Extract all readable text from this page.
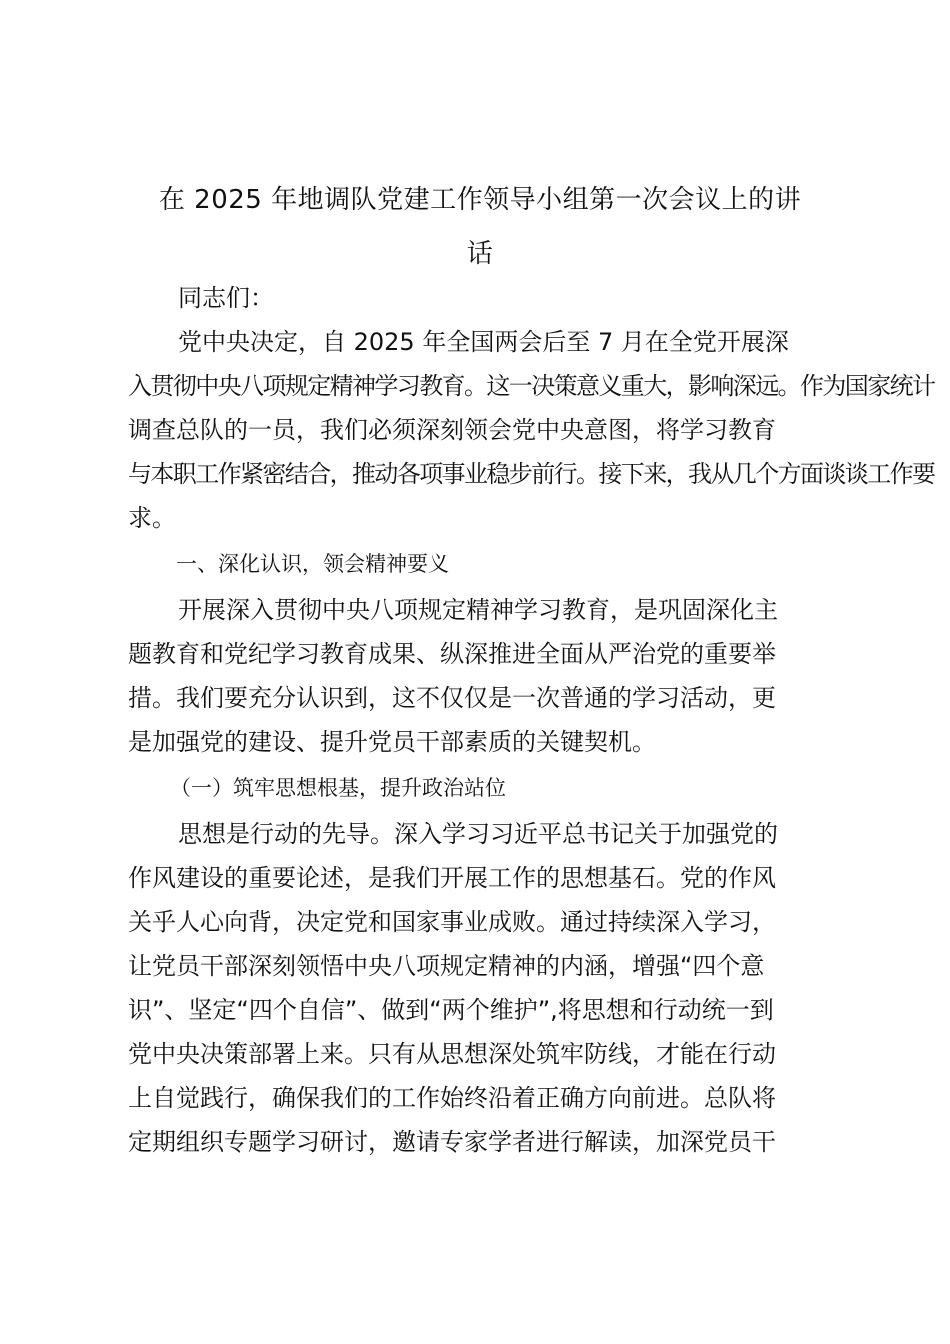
在 2025 年地调队党建工作领导小组第一次会议上的讲
话
同志们：
党中央决定，自 2025 年全国两会后至 7 月在全党开展深
入贯彻中央八项规定精神学习教育。这一决策意义重大，影响深远。作为国家统计
调查总队的一员，我们必须深刻领会党中央意图，将学习教育
与本职工作紧密结合，推动各项事业稳步前行。接下来，我从几个方面谈谈工作要
求。
一、深化认识，领会精神要义
开展深入贯彻中央八项规定精神学习教育，是巩固深化主
题教育和党纪学习教育成果、纵深推进全面从严治党的重要举
措。我们要充分认识到，这不仅仅是一次普通的学习活动，更
是加强党的建设、提升党员干部素质的关键契机。
（一）筑牢思想根基，提升政治站位
思想是行动的先导。深入学习习近平总书记关于加强党的
作风建设的重要论述，是我们开展工作的思想基石。党的作风
关乎人心向背，决定党和国家事业成败。通过持续深入学习，
让党员干部深刻领悟中央八项规定精神的内涵，增强“四个意
识”、坚定“四个自信”、做到“两个维护”,将思想和行动统一到
党中央决策部署上来。只有从思想深处筑牢防线，才能在行动
上自觉践行，确保我们的工作始终沿着正确方向前进。总队将
定期组织专题学习研讨，邀请专家学者进行解读，加深党员干
